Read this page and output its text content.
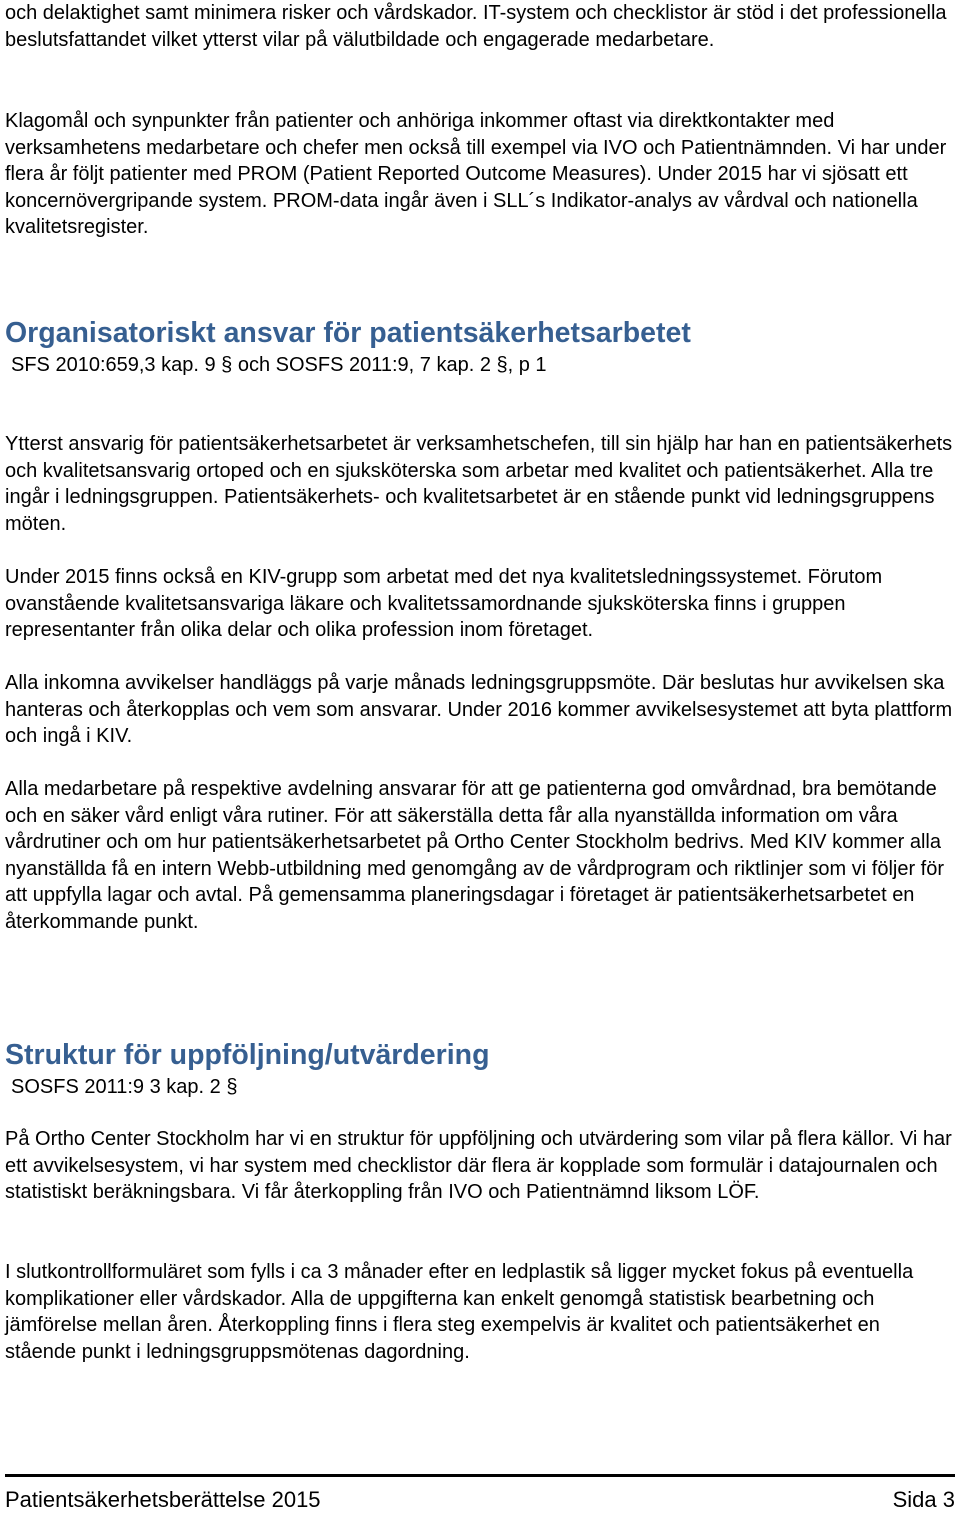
och delaktighet samt minimera risker och vårdskador. IT-system och checklistor är stöd i det professionella beslutsfattandet vilket ytterst vilar på välutbildade och engagerade medarbetare.

Klagomål och synpunkter från patienter och anhöriga inkommer oftast via direktkontakter med verksamhetens medarbetare och chefer men också till exempel via IVO och Patientnämnden. Vi har under flera år följt patienter med PROM (Patient Reported Outcome Measures). Under 2015 har vi sjösatt ett koncernövergripande system. PROM-data ingår även i SLL´s Indikator-analys av vårdval och nationella kvalitetsregister.

Organisatoriskt ansvar för patientsäkerhetsarbetet
SFS 2010:659,3 kap. 9 § och SOSFS 2011:9, 7 kap. 2 §, p 1

Ytterst ansvarig för patientsäkerhetsarbetet är verksamhetschefen, till sin hjälp har han en patientsäkerhets och kvalitetsansvarig ortoped och en sjuksköterska som arbetar med kvalitet och patientsäkerhet. Alla tre ingår i ledningsgruppen. Patientsäkerhets- och kvalitetsarbetet är en stående punkt vid ledningsgruppens möten.

Under 2015 finns också en KIV-grupp som arbetat med det nya kvalitetsledningssystemet. Förutom ovanstående kvalitetsansvariga läkare och kvalitetssamordnande sjuksköterska finns i gruppen representanter från olika delar och olika profession inom företaget.

Alla inkomna avvikelser handläggs på varje månads ledningsgruppsmöte. Där beslutas hur avvikelsen ska hanteras och återkopplas och vem som ansvarar. Under 2016 kommer avvikelsesystemet att byta plattform och ingå i KIV.

Alla medarbetare på respektive avdelning ansvarar för att ge patienterna god omvårdnad, bra bemötande och en säker vård enligt våra rutiner. För att säkerställa detta får alla nyanställda information om våra vårdrutiner och om hur patientsäkerhetsarbetet på Ortho Center Stockholm bedrivs. Med KIV kommer alla nyanställda få en intern Webb-utbildning med genomgång av de vårdprogram och riktlinjer som vi följer för att uppfylla lagar och avtal. På gemensamma planeringsdagar i företaget är patientsäkerhetsarbetet en återkommande punkt.

Struktur för uppföljning/utvärdering
SOSFS 2011:9 3 kap. 2 §

På Ortho Center Stockholm har vi en struktur för uppföljning och utvärdering som vilar på flera källor. Vi har ett avvikelsesystem, vi har system med checklistor där flera är kopplade som formulär i datajournalen och statistiskt beräkningsbara. Vi får återkoppling från IVO och Patientnämnd liksom LÖF.

I slutkontrollformuläret som fylls i ca 3 månader efter en ledplastik så ligger mycket fokus på eventuella komplikationer eller vårdskador. Alla de uppgifterna kan enkelt genomgå statistisk bearbetning och jämförelse mellan åren. Återkoppling finns i flera steg exempelvis är kvalitet och patientsäkerhet en stående punkt i ledningsgruppsmötenas dagordning.

Patientsäkerhetsberättelse 2015	Sida 3
